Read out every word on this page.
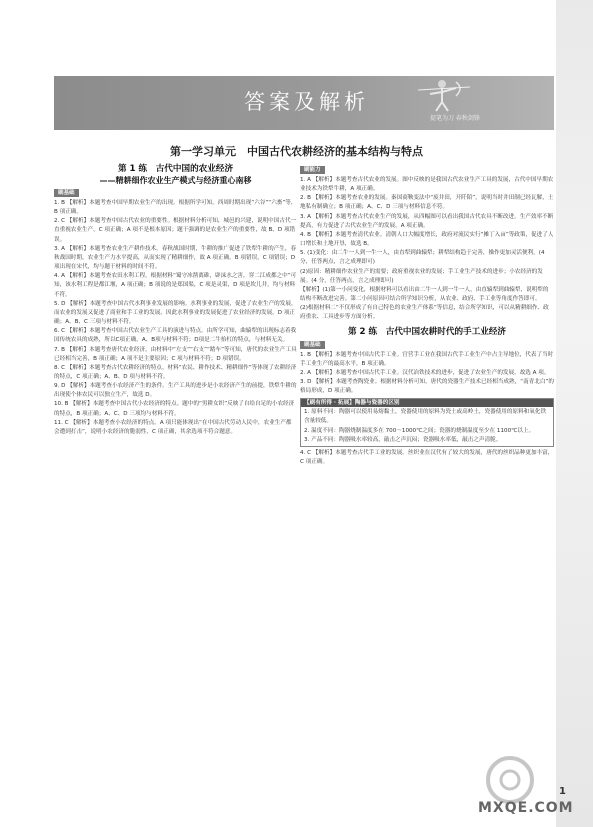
答案及解析
提笔为刀 春秋剑锋
第一学习单元　中国古代农耕经济的基本结构与特点
第 1 练　古代中国的农业经济
——精耕细作农业生产模式与经济重心南移
刷基础

1. B 【解析】本题考查中国早期农业生产的出现。根据所学可知，西周时期出现“六谷”“六畜”等，B 项正确。

2. C 【解析】本题考查中国古代农业的重要性。根据材料分析可知，城邑的兴建，说明中国古代一直重视农业生产，C 项正确；A 项不是根本原因；题干强调的是农业生产的重要性，故 B、D 项错误。

3. A 【解析】本题考查农业生产耕作技术。春秋战国时期，牛耕的推广促进了铁犁牛耕的产生，春秋战国时期，农业生产力水平提高，从而实现了精耕细作，故 A 项正确。B 项错误，C 项错误；D 项出现在宋代，均与题干材料的时间不符。

4. A 【解析】本题考查农田水利工程。根据材料“蜀守冰凿离碓，辟沫水之害，穿二江成都之中”可知，该水利工程是都江堰，A 项正确；B 项说的是郑国渠，C 项是灵渠，D 项是坎儿井，均与材料不符。

5. D 【解析】本题考查中国古代水利事业发展的影响。水利事业的发展，促进了农业生产的发展，而农业的发展又促进了商业和手工业的发展，因此水利事业的发展促进了农业经济的发展，D 项正确；A、B、C 三项与材料不符。

6. C 【解析】本题考查中国古代农业生产工具的演进与特点。由所学可知，曲辕犁的出现标志着我国传统农具的成熟，所以C项正确。A、B项与材料不符；D项是二牛抬杠的特点，与材料无关。

7. B 【解析】本题考查唐代农业经济。由材料中“左支”“右支”“踏车”等可知，唐代的农业生产工具已经相当完善，B 项正确；A 项不是主要原因；C 项与材料不符；D 项错误。

8. C 【解析】本题考查古代农耕经济的特点。材料“农民、耕作技术、精耕细作”等体现了农耕经济的特点，C 项正确；A、B、D 项与材料不符。

9. D 【解析】本题考查小农经济产生的条件。生产工具的进步是小农经济产生的前提，铁犁牛耕的出现使个体农民可以独立生产，故选 D。

10. B 【解析】本题考查中国古代小农经济的特点。题中的“男耕女织”反映了自给自足的小农经济的特点，B 项正确；A、C、D 三项均与材料不符。

11. C 【解析】本题考查小农经济的特点。A 项只能体现出“在中国古代劳动人民中，农业生产都会遭到打击”，说明小农经济的脆弱性，C 项正确，其余选项不符合题意。

刷能力

1. A 【解析】本题考查古代农业的发展。图中反映的是我国古代农业生产工具的发展，古代中国早期农业技术为铁犁牛耕，A 项正确。

2. B 【解析】本题考查农业的发展。秦国商鞅变法中“废井田，开阡陌”，说明当时井田制已经瓦解，土地私有制确立；B 项正确；A、C、D 三项与材料信息不符。

3. A 【解析】本题考查古代农业生产的发展，从四幅图可以看出我国古代农具不断改进，生产效率不断提高，有力促进了古代农业生产的发展，A 项正确。

4. B 【解析】本题考查清代农业。清朝人口大幅度增长，政府对流民实行“摊丁入亩”等政策，促进了人口增长和土地开垦，故选 B。

5. (1)变化：由二牛一人到一牛一人，由直犁到曲辕犁；耕犁结构趋于完善，操作更加灵活便利。(4 分，任答两点，言之成理即可)

(2)原因：精耕细作农业生产的需要；政府重视农业的发展；手工业生产技术的进步；小农经济的发展。(4 分，任答两点，言之成理即可)

【解析】(1)第一小问变化，根据材料可以看出由二牛一人到一牛一人，由直辕犁到曲辕犁，说明犁的结构不断改进完善。第二小问原因可结合所学知识分析，从农业、政府、手工业等角度作答即可。

(2)根据材料二“不仅形成了有自己特色的农业生产体系”等信息，结合所学知识，可以从精耕细作、政府重农、工具进步等方面分析。

第 2 练　古代中国农耕时代的手工业经济
刷基础

1. B 【解析】本题考查中国古代手工业。官营手工业在我国古代手工业生产中占主导地位，代表了当时手工业生产的最高水平，B 项正确。

2. A 【解析】本题考查中国古代手工业。汉代冶铁技术的进步，促进了农业生产的发展，故选 A 项。

3. D 【解析】本题考查陶瓷业。根据材料分析可知，唐代的瓷器生产技术已经相当成熟，“南青北白”的格局形成，D 项正确。

【刷有所得 · 拓展】陶器与瓷器的区别

1. 原料不同：陶器可以使用易熔黏土，瓷器使用的原料为瓷土或高岭土，瓷器使用的原料和氧化铁含量较低。

2. 温度不同：陶器烧制温度多在 700～1000℃之间；瓷器的烧制温度至少在 1100℃以上。

3. 产品不同：陶器吸水率较高，敲击之声沉闷；瓷器吸水率低，敲击之声清脆。

4. C 【解析】本题考查古代手工业的发展。丝织业在汉代有了较大的发展，唐代的丝织品种更加丰富，C 项正确。

1
MXQE.COM
